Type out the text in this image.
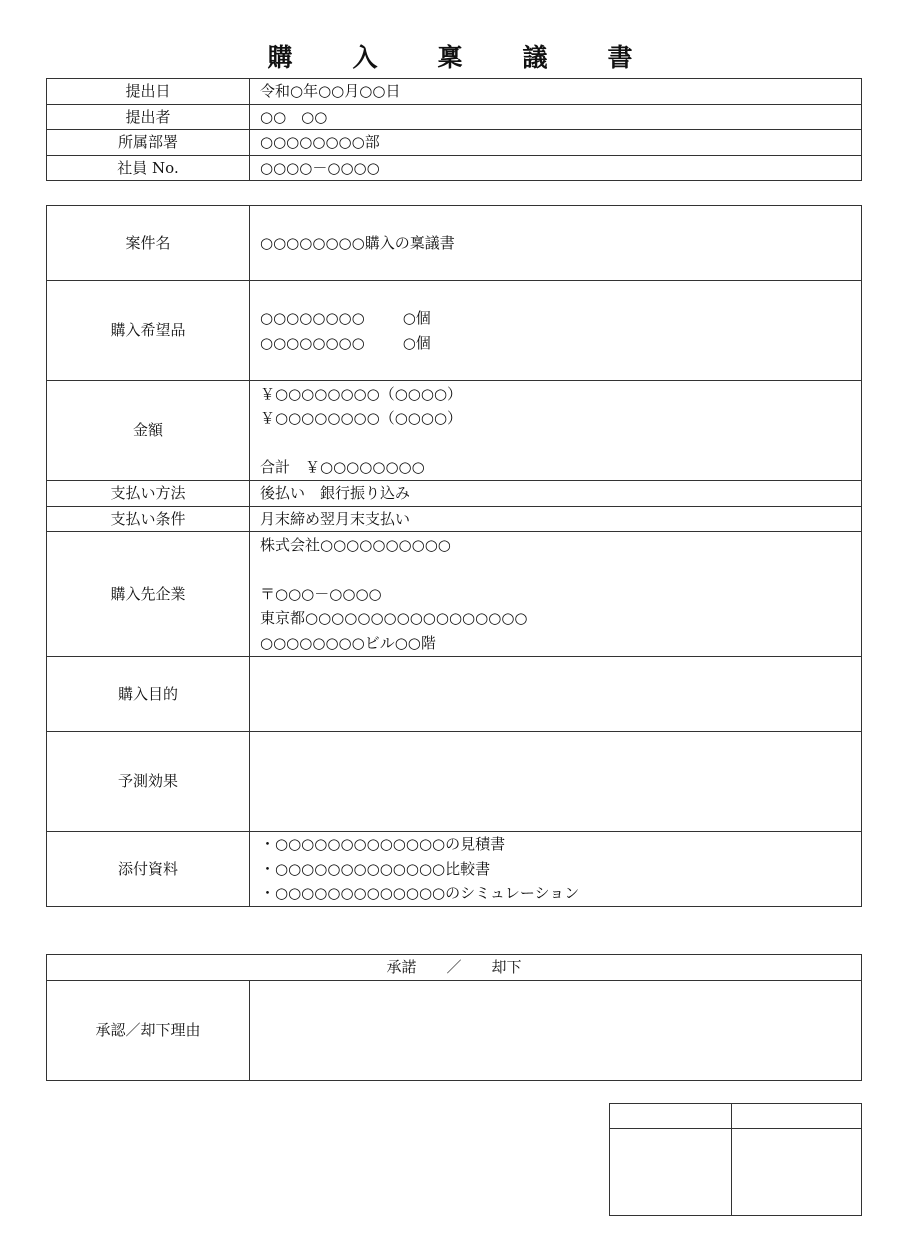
購 入 稟 議 書
提出日	令和○年○○月○○日
提出者	○○　○○
所属部署	○○○○○○○○部
社員 No.	○○○○－○○○○
案件名	○○○○○○○○購入の稟議書
購入希望品	○○○○○○○○ ○個
○○○○○○○○ ○個

金額	￥○○○○○○○○（○○○○）
￥○○○○○○○○（○○○○）
合計　￥○○○○○○○○

支払い方法	後払い　銀行振り込み
支払い条件	月末締め翌月末支払い
購入先企業	株式会社○○○○○○○○○○
〒○○○－○○○○
東京都○○○○○○○○○○○○○○○○○
○○○○○○○○ビル○○階

購入目的	
予測効果	
添付資料	・○○○○○○○○○○○○○の見積書
・○○○○○○○○○○○○○比較書
・○○○○○○○○○○○○○のシミュレーション
承諾　　／　　却下
承認／却下理由	
